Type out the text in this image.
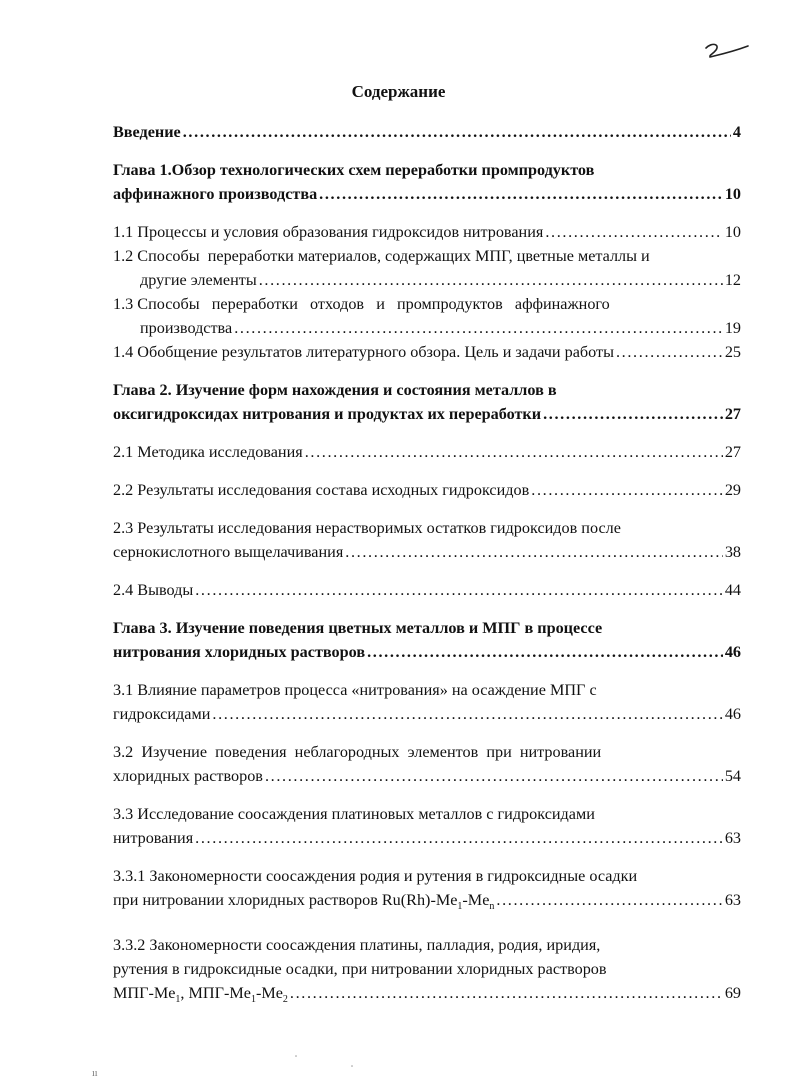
Содержание
Введение . . .	4
Глава 1.Обзор технологических схем переработки промпродуктов
аффинажного производства . . .	10
1.1 Процессы и условия образования гидроксидов нитрования . . .	10
1.2 Способы  переработки материалов, содержащих МПГ, цветные металлы и
другие элементы . . .	12
1.3 Способы   переработки   отходов   и   промпродуктов   аффинажного
производства . . .	19
1.4 Обобщение результатов литературного обзора. Цель и задачи работы . . .	25
Глава 2. Изучение форм нахождения и состояния металлов в
оксигидроксидах нитрования и продуктах их переработки . . .	27
2.1 Методика исследования . . .	27
2.2 Результаты исследования состава исходных гидроксидов . . .	29
2.3 Результаты исследования нерастворимых остатков гидроксидов после
сернокислотного выщелачивания . . .	38
2.4 Выводы . . .	44
Глава 3. Изучение поведения цветных металлов и МПГ в процессе
нитрования хлоридных растворов . . .	46
3.1 Влияние параметров процесса «нитрования» на осаждение МПГ с
гидроксидами . . .	46
3.2  Изучение  поведения  неблагородных  элементов  при  нитровании
хлоридных растворов . . .	54
3.3 Исследование соосаждения платиновых металлов с гидроксидами
нитрования . . .	63
3.3.1 Закономерности соосаждения родия и рутения в гидроксидные осадки
при нитровании хлоридных растворов $Ru(Rh)-Me_1-Me_n$ . . .	63
3.3.2 Закономерности соосаждения платины, палладия, родия, иридия,
рутения в гидроксидные осадки, при нитровании хлоридных растворов
МПГ-$Me_1$, МПГ-$Me_1-Me_2$ . . .	69
ıı
